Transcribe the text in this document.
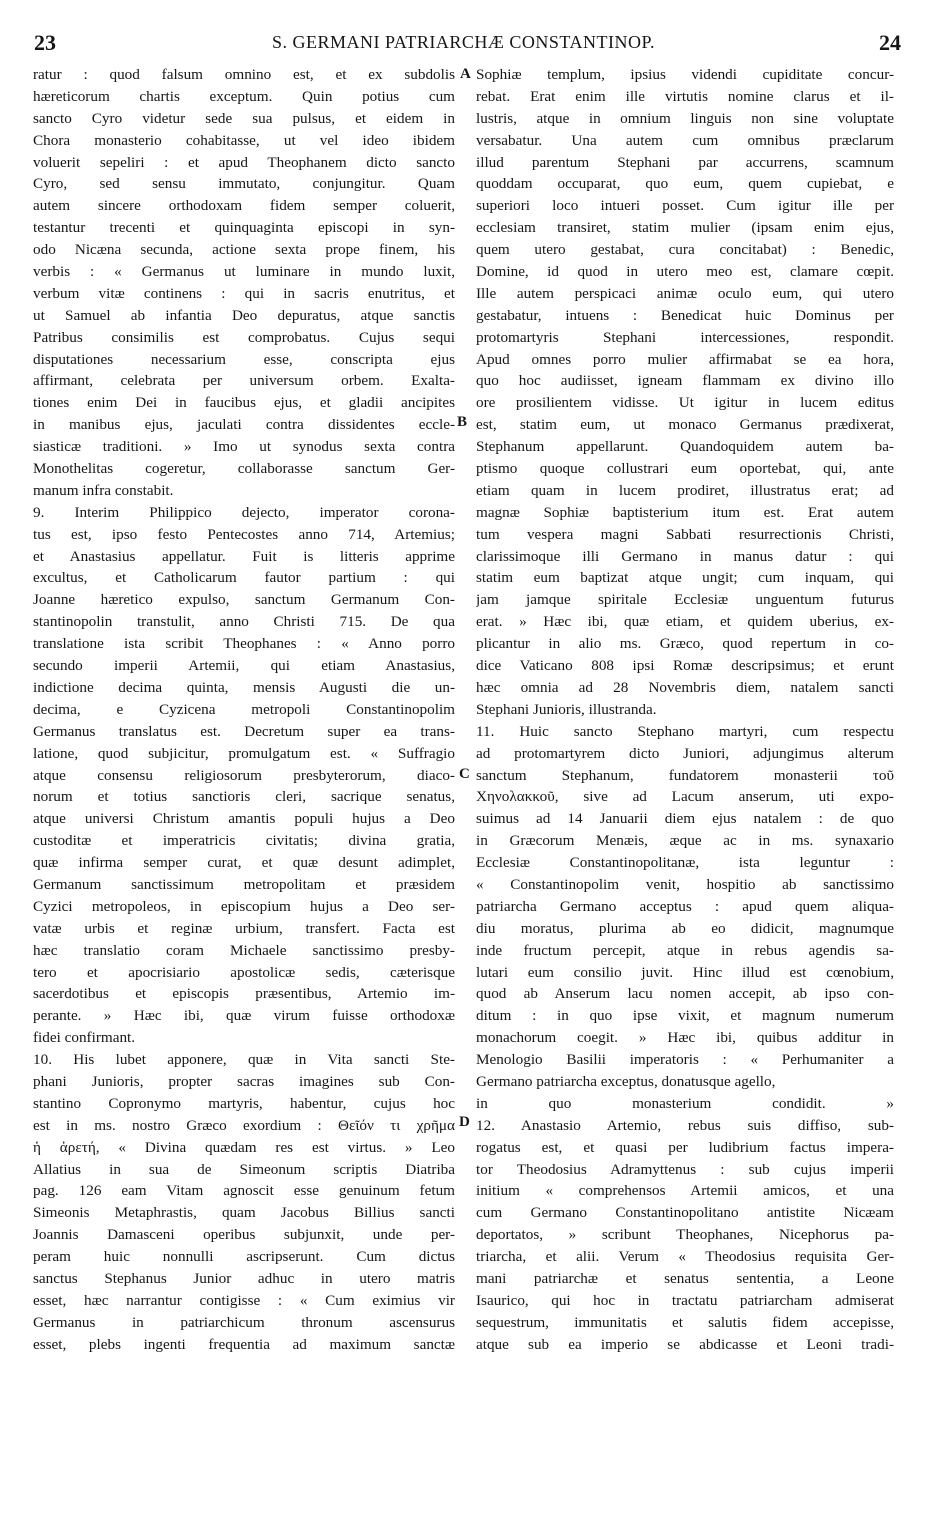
23	S. GERMANI PATRIARCHÆ CONSTANTINOP.	24
ratur : quod falsum omnino est, et ex subdolis
hæreticorum chartis exceptum. Quin potius cum
sancto Cyro videtur sede sua pulsus, et eidem in
Chora monasterio cohabitasse, ut vel ideo ibidem
voluerit sepeliri : et apud Theophanem dicto sancto
Cyro, sed sensu immutato, conjungitur. Quam
autem sincere orthodoxam fidem semper coluerit,
testantur trecenti et quinquaginta episcopi in syn-
odo Nicæna secunda, actione sexta prope finem, his
verbis : « Germanus ut luminare in mundo luxit,
verbum vitæ continens : qui in sacris enutritus, et
ut Samuel ab infantia Deo depuratus, atque sanctis
Patribus consimilis est comprobatus. Cujus sequi
disputationes necessarium esse, conscripta ejus
affirmant, celebrata per universum orbem. Exalta-
tiones enim Dei in faucibus ejus, et gladii ancipites
in manibus ejus, jaculati contra dissidentes eccle-
siasticæ traditioni. » Imo ut synodus sexta contra
Monothelitas cogeretur, collaborasse sanctum Ger-
manum infra constabit.
9. Interim Philippico dejecto, imperator corona-
tus est, ipso festo Pentecostes anno 714, Artemius;
et Anastasius appellatur. Fuit is litteris apprime
excultus, et Catholicarum fautor partium : qui
Joanne hæretico expulso, sanctum Germanum Con-
stantinopolin transtulit, anno Christi 715. De qua
translatione ista scribit Theophanes : « Anno porro
secundo imperii Artemii, qui etiam Anastasius,
indictione decima quinta, mensis Augusti die un-
decima, e Cyzicena metropoli Constantinopolim
Germanus translatus est. Decretum super ea trans-
latione, quod subjicitur, promulgatum est. « Suffragio
atque consensu religiosorum presbyterorum, diaco-
norum et totius sanctioris cleri, sacrique senatus,
atque universi Christum amantis populi hujus a Deo
custoditæ et imperatricis civitatis; divina gratia,
quæ infirma semper curat, et quæ desunt adimplet,
Germanum sanctissimum metropolitam et præsidem
Cyzici metropoleos, in episcopium hujus a Deo ser-
vatæ urbis et reginæ urbium, transfert. Facta est
hæc translatio coram Michaele sanctissimo presby-
tero et apocrisiario apostolicæ sedis, cæterisque
sacerdotibus et episcopis præsentibus, Artemio im-
perante. » Hæc ibi, quæ virum fuisse orthodoxæ
fidei confirmant.
10. His lubet apponere, quæ in Vita sancti Ste-
phani Junioris, propter sacras imagines sub Con-
stantino Copronymo martyris, habentur, cujus hoc
est in ms. nostro Græco exordium : Θεῖόν τι χρῆμα
ἡ ἀρετή, « Divina quædam res est virtus. » Leo
Allatius in sua de Simeonum scriptis Diatriba
pag. 126 eam Vitam agnoscit esse genuinum fetum
Simeonis Metaphrastis, quam Jacobus Billius sancti
Joannis Damasceni operibus subjunxit, unde per-
peram huic nonnulli ascripserunt. Cum dictus
sanctus Stephanus Junior adhuc in utero matris
esset, hæc narrantur contigisse : « Cum eximius vir
Germanus in patriarchicum thronum ascensurus
esset, plebs ingenti frequentia ad maximum sanctæ
Sophiæ templum, ipsius videndi cupiditate concur-
rebat. Erat enim ille virtutis nomine clarus et il-
lustris, atque in omnium linguis non sine voluptate
versabatur. Una autem cum omnibus præclarum
illud parentum Stephani par accurrens, scamnum
quoddam occuparat, quo eum, quem cupiebat, e
superiori loco intueri posset. Cum igitur ille per
ecclesiam transiret, statim mulier (ipsam enim ejus,
quem utero gestabat, cura concitabat) : Benedic,
Domine, id quod in utero meo est, clamare cœpit.
Ille autem perspicaci animæ oculo eum, qui utero
gestabatur, intuens : Benedicat huic Dominus per
protomartyris Stephani intercessiones, respondit.
Apud omnes porro mulier affirmabat se ea hora,
quo hoc audiisset, igneam flammam ex divino illo
ore prosilientem vidisse. Ut igitur in lucem editus
est, statim eum, ut monaco Germanus prædixerat,
Stephanum appellarunt. Quandoquidem autem ba-
ptismo quoque collustrari eum oportebat, qui, ante
etiam quam in lucem prodiret, illustratus erat; ad
magnæ Sophiæ baptisterium itum est. Erat autem
tum vespera magni Sabbati resurrectionis Christi,
clarissimoque illi Germano in manus datur : qui
statim eum baptizat atque ungit; cum inquam, qui
jam jamque spiritale Ecclesiæ unguentum futurus
erat. » Hæc ibi, quæ etiam, et quidem uberius, ex-
plicantur in alio ms. Græco, quod repertum in co-
dice Vaticano 808 ipsi Romæ descripsimus; et erunt
hæc omnia ad 28 Novembris diem, natalem sancti
Stephani Junioris, illustranda.
11. Huic sancto Stephano martyri, cum respectu
ad protomartyrem dicto Juniori, adjungimus alterum
sanctum Stephanum, fundatorem monasterii τοῦ
Χηνολακκοῦ, sive ad Lacum anserum, uti expo-
suimus ad 14 Januarii diem ejus natalem : de quo
in Græcorum Menæis, æque ac in ms. synaxario
Ecclesiæ Constantinopolitanæ, ista leguntur :
« Constantinopolim venit, hospitio ab sanctissimo
patriarcha Germano acceptus : apud quem aliqua-
diu moratus, plurima ab eo didicit, magnumque
inde fructum percepit, atque in rebus agendis sa-
lutari eum consilio juvit. Hinc illud est cœnobium,
quod ab Anserum lacu nomen accepit, ab ipso con-
ditum : in quo ipse vixit, et magnum numerum
monachorum coegit. » Hæc ibi, quibus additur in
Menologio Basilii imperatoris : « Perhumaniter a
Germano patriarcha exceptus, donatusque agello,
in quo monasterium condidit. »
12. Anastasio Artemio, rebus suis diffiso, sub-
rogatus est, et quasi per ludibrium factus impera-
tor Theodosius Adramyttenus : sub cujus imperii
initium « comprehensos Artemii amicos, et una
cum Germano Constantinopolitano antistite Nicæam
deportatos, » scribunt Theophanes, Nicephorus pa-
triarcha, et alii. Verum « Theodosius requisita Ger-
mani patriarchæ et senatus sententia, a Leone
Isaurico, qui hoc in tractatu patriarcham admiserat
sequestrum, immunitatis et salutis fidem accepisse,
atque sub ea imperio se abdicasse et Leoni tradi-
A
B
C
D
